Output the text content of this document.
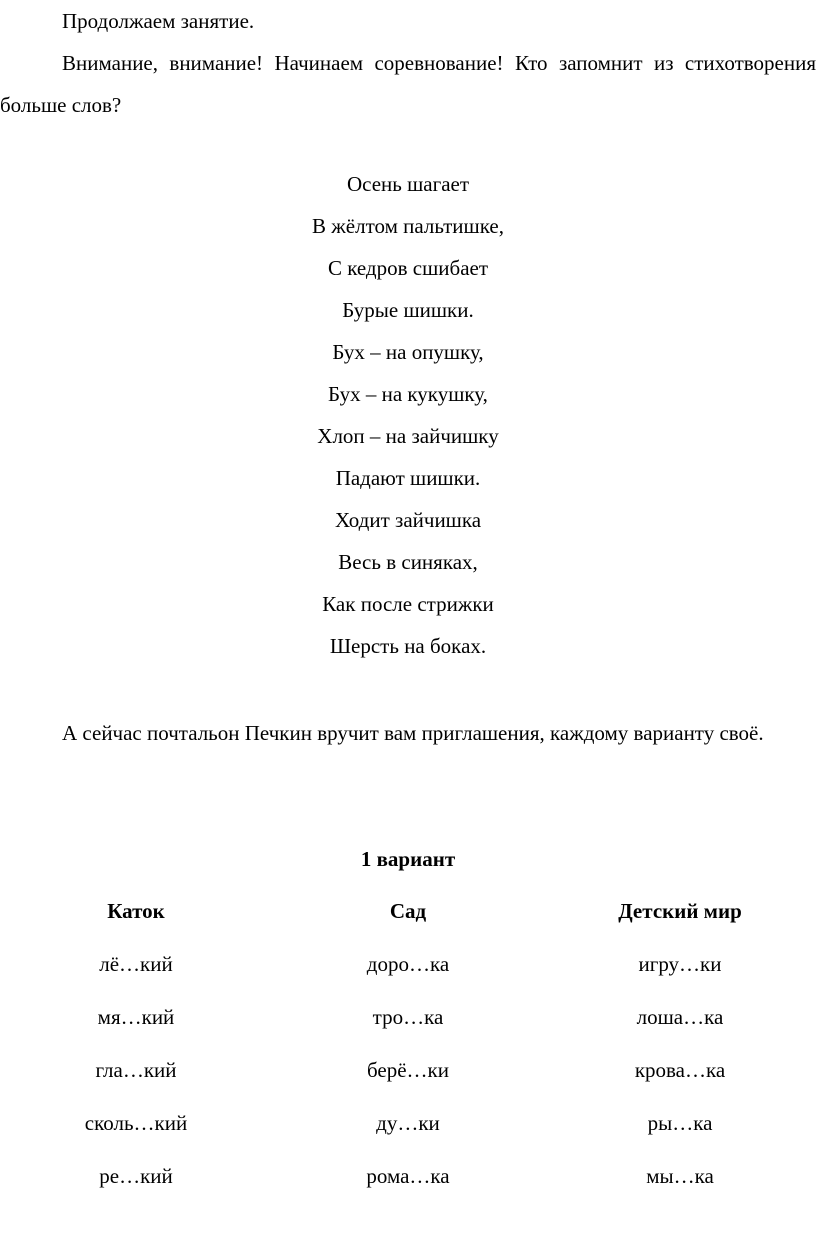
Продолжаем занятие.

Внимание, внимание! Начинаем соревнование! Кто запомнит из стихотворения больше слов?

Осень шагает
В жёлтом пальтишке,
С кедров сшибает
Бурые шишки.
Бух – на опушку,
Бух – на кукушку,
Хлоп – на зайчишку
Падают шишки.
Ходит зайчишка
Весь в синяках,
Как после стрижки
Шерсть на боках.

А сейчас почтальон Печкин вручит вам приглашения, каждому варианту своё.

1 вариант
Каток
лё…кий
мя…кий
гла…кий
сколь…кий
ре…кий
Сад
доро…ка
тро…ка
берё…ки
ду…ки
рома…ка
Детский мир
игру…ки
лоша…ка
крова…ка
ры…ка
мы…ка
